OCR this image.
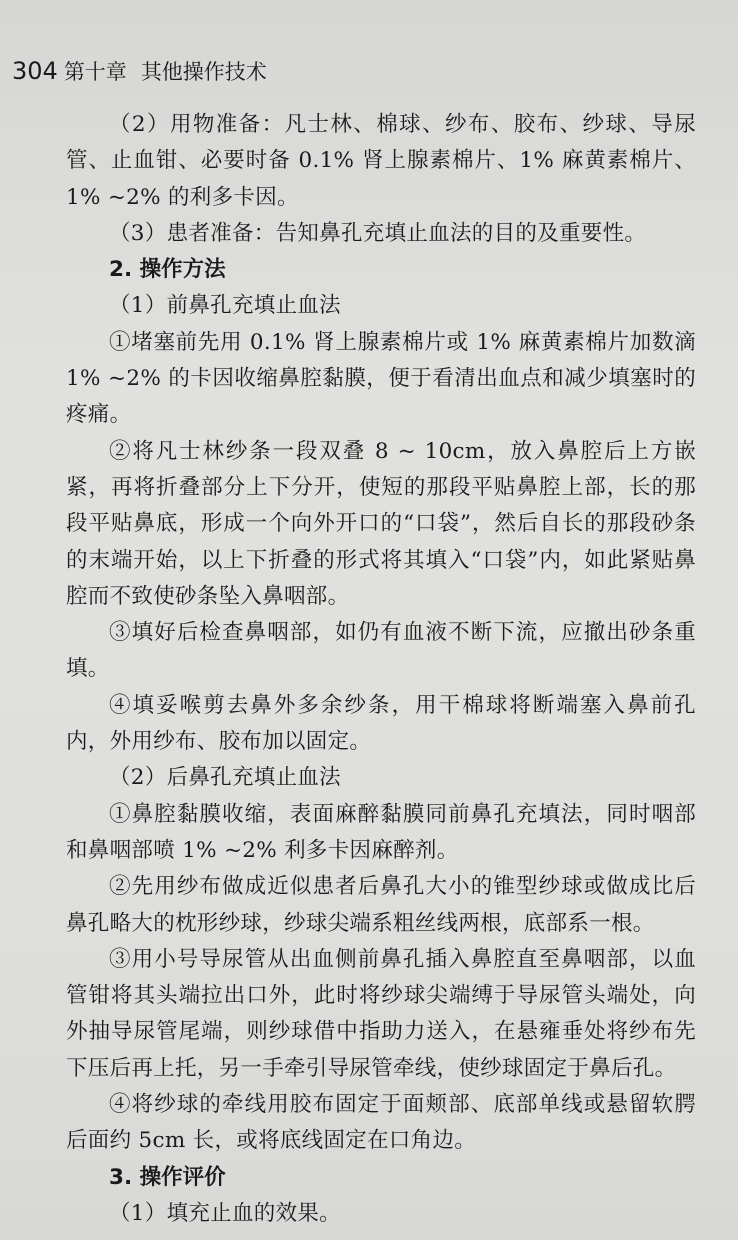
304 第十章 其他操作技术

（2）用物准备：凡士林、棉球、纱布、胶布、纱球、导尿管、止血钳、必要时备 0.1% 肾上腺素棉片、1% 麻黄素棉片、1% ~2% 的利多卡因。

（3）患者准备：告知鼻孔充填止血法的目的及重要性。

2. 操作方法

（1）前鼻孔充填止血法

①堵塞前先用 0.1% 肾上腺素棉片或 1% 麻黄素棉片加数滴 1% ~2% 的卡因收缩鼻腔黏膜，便于看清出血点和减少填塞时的疼痛。

②将凡士林纱条一段双叠 8 ~ 10cm，放入鼻腔后上方嵌紧，再将折叠部分上下分开，使短的那段平贴鼻腔上部，长的那段平贴鼻底，形成一个向外开口的“口袋”，然后自长的那段砂条的末端开始，以上下折叠的形式将其填入“口袋”内，如此紧贴鼻腔而不致使砂条坠入鼻咽部。

③填好后检查鼻咽部，如仍有血液不断下流，应撤出砂条重填。

④填妥喉剪去鼻外多余纱条，用干棉球将断端塞入鼻前孔内，外用纱布、胶布加以固定。

（2）后鼻孔充填止血法

①鼻腔黏膜收缩，表面麻醉黏膜同前鼻孔充填法，同时咽部和鼻咽部喷 1% ~2% 利多卡因麻醉剂。

②先用纱布做成近似患者后鼻孔大小的锥型纱球或做成比后鼻孔略大的枕形纱球，纱球尖端系粗丝线两根，底部系一根。

③用小号导尿管从出血侧前鼻孔插入鼻腔直至鼻咽部，以血管钳将其头端拉出口外，此时将纱球尖端缚于导尿管头端处，向外抽导尿管尾端，则纱球借中指助力送入，在悬雍垂处将纱布先下压后再上托，另一手牵引导尿管牵线，使纱球固定于鼻后孔。

④将纱球的牵线用胶布固定于面颊部、底部单线或悬留软腭后面约 5cm 长，或将底线固定在口角边。

3. 操作评价

（1）填充止血的效果。
